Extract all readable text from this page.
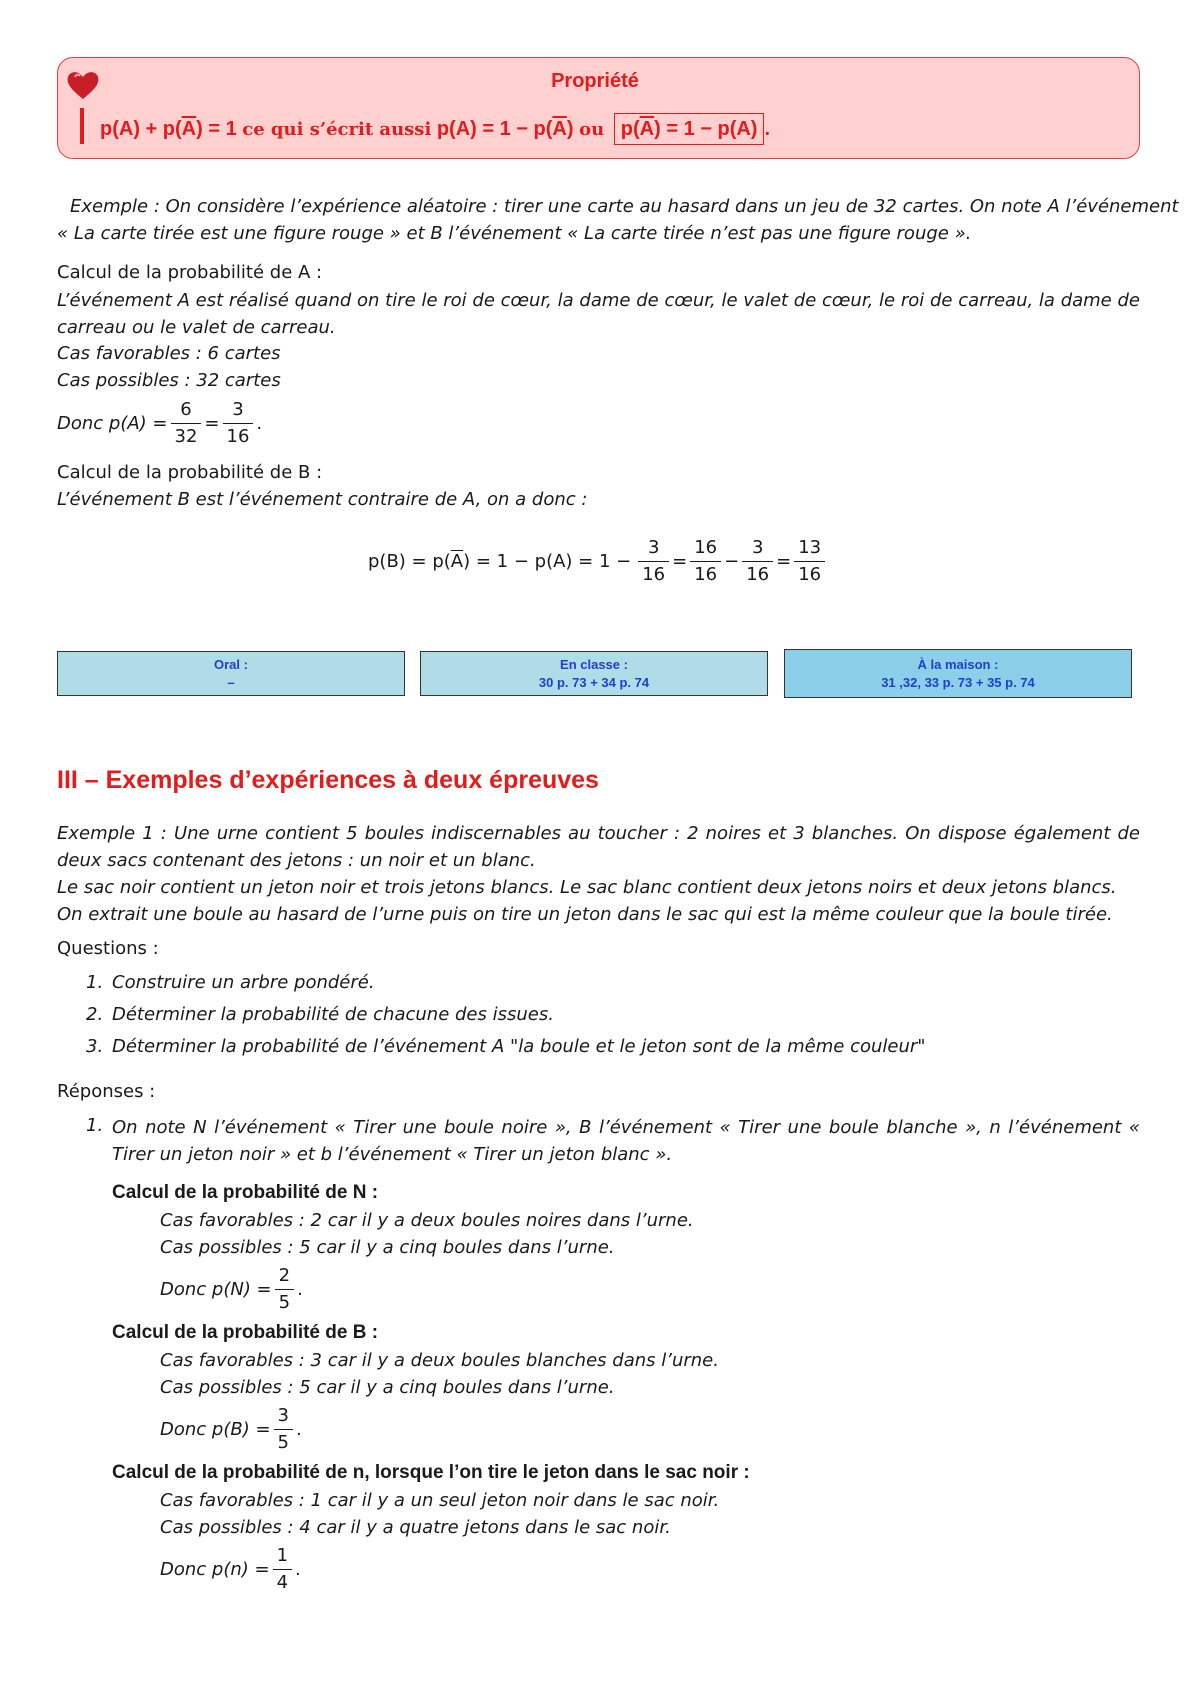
Propriété
$p(A) + p(\overline{A}) = 1$ ce qui s’écrit aussi $p(A) = 1 - p(\overline{A})$ ou $p(\overline{A}) = 1 - p(A)$ .
Exemple : On considère l’expérience aléatoire : tirer une carte au hasard dans un jeu de 32 cartes. On note A l’événement
« La carte tirée est une figure rouge » et B l’événement « La carte tirée n’est pas une figure rouge ».
Calcul de la probabilité de A :
L’événement A est réalisé quand on tire le roi de cœur, la dame de cœur, le valet de cœur, le roi de carreau, la dame de carreau ou le valet de carreau.
Cas favorables : 6 cartes
Cas possibles : 32 cartes
Donc $p(A) = \frac{6}{32} = \frac{3}{16}$ .
Calcul de la probabilité de B :
L’événement B est l’événement contraire de A, on a donc :
p(B) = p( $\overline{A}$ ) = $1 - p(A) = 1 - \frac{3}{16} = \frac{16}{16} - \frac{3}{16} = \frac{13}{16}$
Oral :
–
En classe :
30 p. 73 + 34 p. 74
À la maison :
31 ,32, 33 p. 73 + 35 p. 74
III – Exemples d’expériences à deux épreuves
Exemple 1 : Une urne contient 5 boules indiscernables au toucher : 2 noires et 3 blanches. On dispose également de deux sacs contenant des jetons : un noir et un blanc.
Le sac noir contient un jeton noir et trois jetons blancs. Le sac blanc contient deux jetons noirs et deux jetons blancs.
On extrait une boule au hasard de l’urne puis on tire un jeton dans le sac qui est la même couleur que la boule tirée.
Questions :
1. Construire un arbre pondéré.
2. Déterminer la probabilité de chacune des issues.
3. Déterminer la probabilité de l’événement A "la boule et le jeton sont de la même couleur"
Réponses :
1. On note N l’événement « Tirer une boule noire », B l’événement « Tirer une boule blanche », n l’événement « Tirer un jeton noir » et b l’événement « Tirer un jeton blanc ».
Calcul de la probabilité de N :
Cas favorables : 2 car il y a deux boules noires dans l’urne.
Cas possibles : 5 car il y a cinq boules dans l’urne.
Donc $p(N) = \frac{2}{5}$ .
Calcul de la probabilité de B :
Cas favorables : 3 car il y a deux boules blanches dans l’urne.
Cas possibles : 5 car il y a cinq boules dans l’urne.
Donc $p(B) = \frac{3}{5}$ .
Calcul de la probabilité de n, lorsque l’on tire le jeton dans le sac noir :
Cas favorables : 1 car il y a un seul jeton noir dans le sac noir.
Cas possibles : 4 car il y a quatre jetons dans le sac noir.
Donc $p(n) = \frac{1}{4}$ .
